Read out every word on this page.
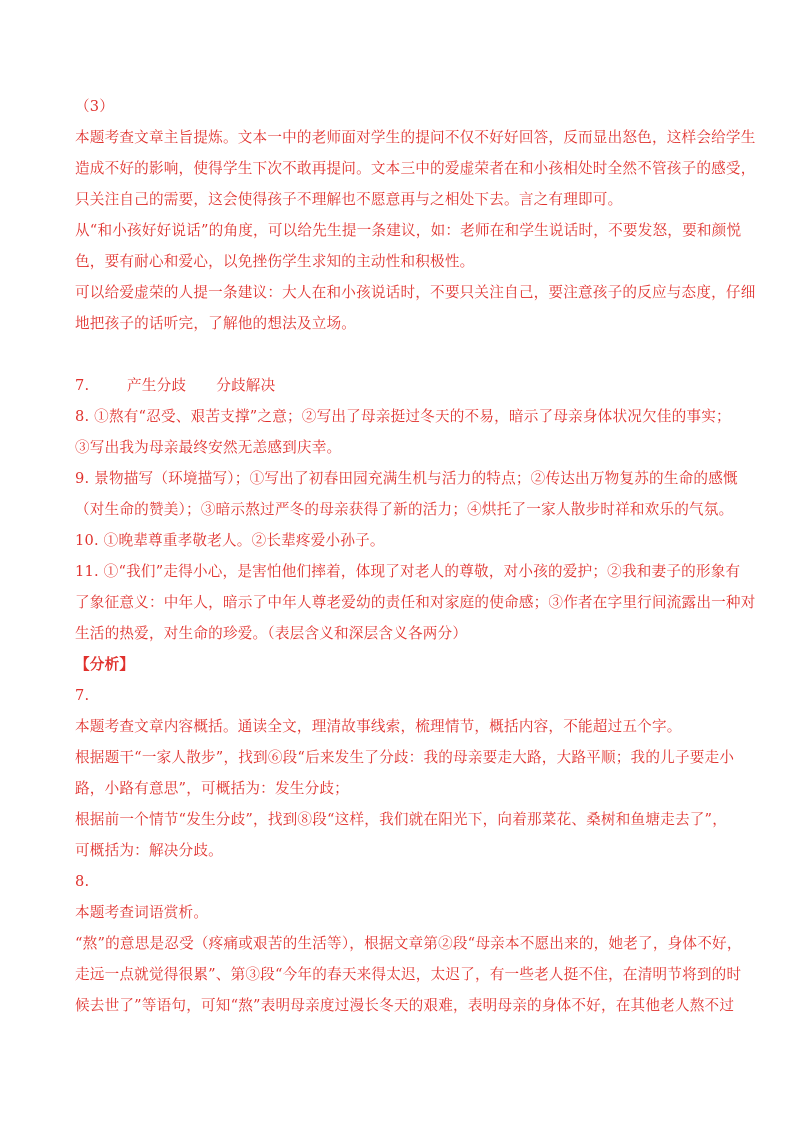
（3）
本题考查文章主旨提炼。文本一中的老师面对学生的提问不仅不好好回答，反而显出怒色，这样会给学生
造成不好的影响，使得学生下次不敢再提问。文本三中的爱虚荣者在和小孩相处时全然不管孩子的感受，
只关注自己的需要，这会使得孩子不理解也不愿意再与之相处下去。言之有理即可。
从“和小孩好好说话”的角度，可以给先生提一条建议，如：老师在和学生说话时，不要发怒，要和颜悦
色，要有耐心和爱心，以免挫伤学生求知的主动性和积极性。
可以给爱虚荣的人提一条建议：大人在和小孩说话时，不要只关注自己，要注意孩子的反应与态度，仔细
地把孩子的话听完，了解他的想法及立场。
7.	产生分歧 分歧解决
8. ①熬有“忍受、艰苦支撑”之意；②写出了母亲挺过冬天的不易，暗示了母亲身体状况欠佳的事实；
③写出我为母亲最终安然无恙感到庆幸。
9. 景物描写（环境描写）；①写出了初春田园充满生机与活力的特点；②传达出万物复苏的生命的感慨
（对生命的赞美）；③暗示熬过严冬的母亲获得了新的活力；④烘托了一家人散步时祥和欢乐的气氛。
10. ①晚辈尊重孝敬老人。②长辈疼爱小孙子。
11. ①“我们”走得小心，是害怕他们摔着，体现了对老人的尊敬，对小孩的爱护；②我和妻子的形象有
了象征意义：中年人，暗示了中年人尊老爱幼的责任和对家庭的使命感；③作者在字里行间流露出一种对
生活的热爱，对生命的珍爱。（表层含义和深层含义各两分）
【分析】
7.
本题考查文章内容概括。通读全文，理清故事线索，梳理情节，概括内容，不能超过五个字。
根据题干“一家人散步”，找到⑥段“后来发生了分歧：我的母亲要走大路，大路平顺；我的儿子要走小
路，小路有意思”，可概括为：发生分歧；
根据前一个情节“发生分歧”，找到⑧段“这样，我们就在阳光下，向着那菜花、桑树和鱼塘走去了”，
可概括为：解决分歧。
8.
本题考查词语赏析。
“熬”的意思是忍受（疼痛或艰苦的生活等），根据文章第②段“母亲本不愿出来的，她老了，身体不好，
走远一点就觉得很累”、第③段“今年的春天来得太迟，太迟了，有一些老人挺不住，在清明节将到的时
候去世了”等语句，可知“熬”表明母亲度过漫长冬天的艰难，表明母亲的身体不好，在其他老人熬不过
